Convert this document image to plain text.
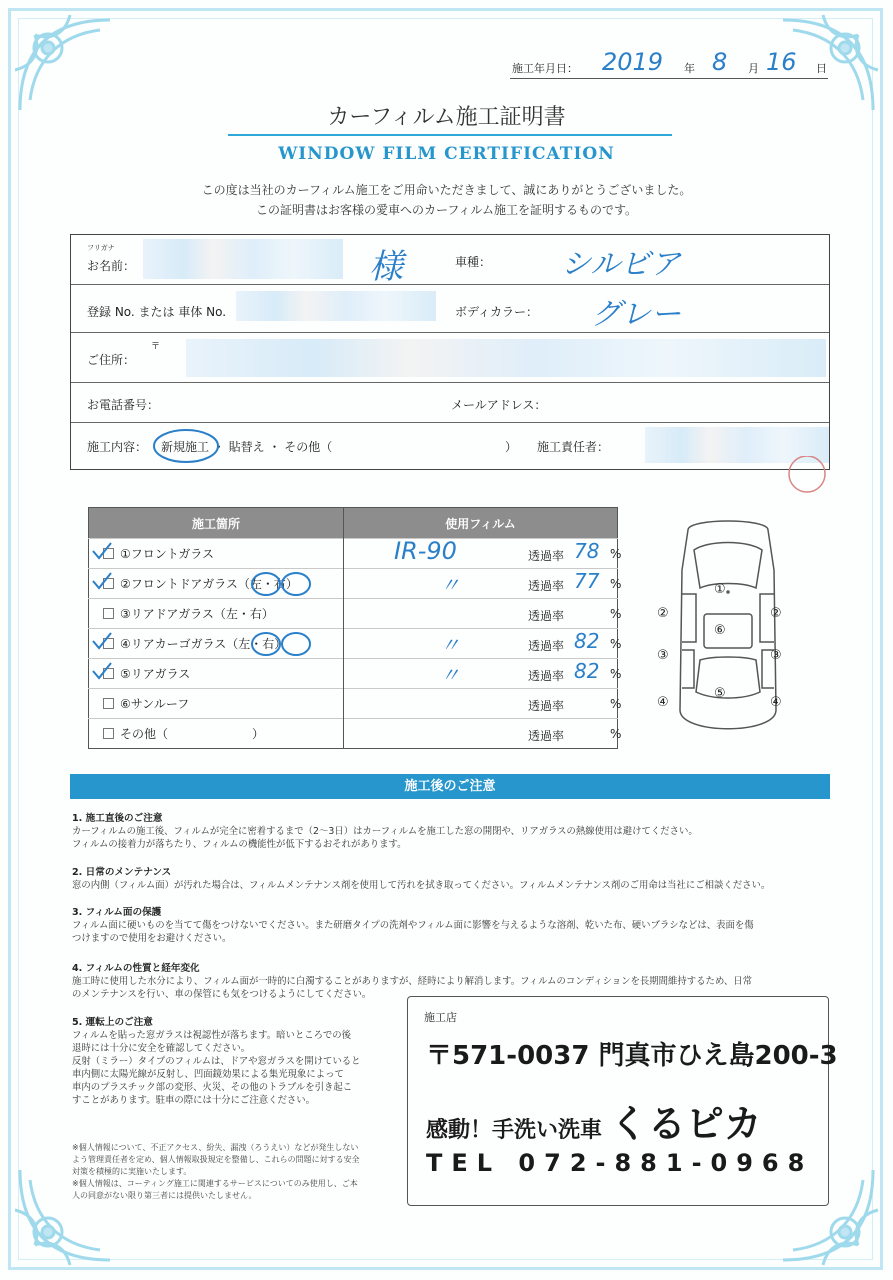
施工年月日： 2019 年 8 月 16 日
カーフィルム施工証明書
WINDOW FILM CERTIFICATION
この度は当社のカーフィルム施工をご用命いただきまして、誠にありがとうございました。
この証明書はお客様の愛車へのカーフィルム施工を証明するものです。
フリガナ
お名前：	様	車種： シルビア
登録 No. または 車体 No.	ボディカラー： グレー
ご住所：
〒
お電話番号：	メールアドレス：
施工内容： 新規施工 ・ 貼替え ・ その他（	） 施工責任者：
施工箇所	使用フィルム
①フロントガラス	IR-90 透過率 78 %

②フロントドアガラス（左・右）	〃 透過率 77 %

③リアドアガラス（左・右）	透過率 %

④リアカーゴガラス（左・右）	〃 透過率 82 %

⑤リアガラス	〃 透過率 82 %

⑥サンルーフ	透過率 %

その他（　　　　　　　）	透過率 %
①
②	②
⑥
③	③
⑤
④	④
施工後のご注意
1. 施工直後のご注意
カーフィルムの施工後、フィルムが完全に密着するまで（2〜3日）はカーフィルムを施工した窓の開閉や、リアガラスの熱線使用は避けてください。
フィルムの接着力が落ちたり、フィルムの機能性が低下するおそれがあります。
2. 日常のメンテナンス
窓の内側（フィルム面）が汚れた場合は、フィルムメンテナンス剤を使用して汚れを拭き取ってください。フィルムメンテナンス剤のご用命は当社にご相談ください。
3. フィルム面の保護
フィルム面に硬いものを当てて傷をつけないでください。また研磨タイプの洗剤やフィルム面に影響を与えるような溶剤、乾いた布、硬いブラシなどは、表面を傷
つけますので使用をお避けください。
4. フィルムの性質と経年変化
施工時に使用した水分により、フィルム面が一時的に白濁することがありますが、経時により解消します。フィルムのコンディションを長期間維持するため、日常
のメンテナンスを行い、車の保管にも気をつけるようにしてください。
5. 運転上のご注意
フィルムを貼った窓ガラスは視認性が落ちます。暗いところでの後
退時には十分に安全を確認してください。
反射（ミラー）タイプのフィルムは、ドアや窓ガラスを開けていると
車内側に太陽光線が反射し、凹面鏡効果による集光現象によって
車内のプラスチック部の変形、火災、その他のトラブルを引き起こ
すことがあります。駐車の際には十分にご注意ください。
※個人情報について、不正アクセス、紛失、漏洩（ろうえい）などが発生しない
よう管理責任者を定め、個人情報取扱規定を整備し、これらの問題に対する安全
対策を積極的に実施いたします。
※個人情報は、コーティング施工に関連するサービスについてのみ使用し、ご本
人の同意がない限り第三者には提供いたしません。
施工店
〒571-0037 門真市ひえ島200-3
感動！手洗い洗車 くるピカ
TEL 072-881-0968
